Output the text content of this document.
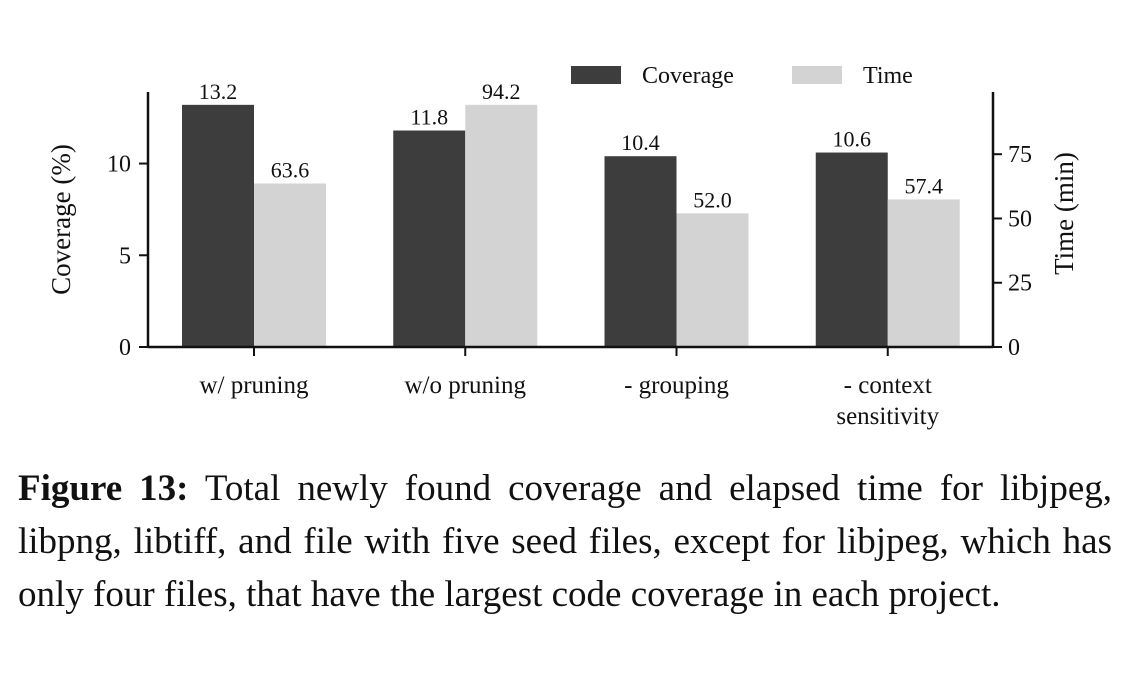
13.2
63.6
11.8
94.2
10.4
52.0
10.6
57.4
0
5
10
0
25
50
75
w/ pruning	w/o pruning	- grouping	- context sensitivity
Coverage	Time
Coverage (%)	Time (min)
Figure 13: Total newly found coverage and elapsed time for libjpeg, libpng, libtiff, and file with five seed files, except for libjpeg, which has only four files, that have the largest code coverage in each project.
